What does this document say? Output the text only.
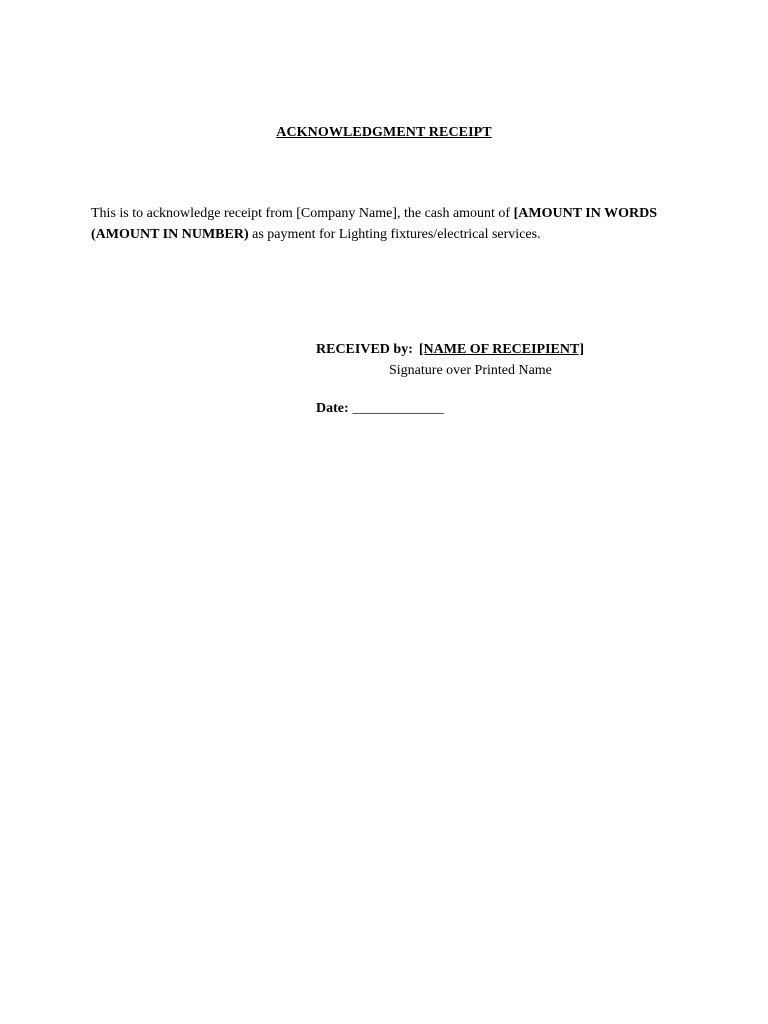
ACKNOWLEDGMENT RECEIPT
This is to acknowledge receipt from [Company Name], the cash amount of [AMOUNT IN WORDS (AMOUNT IN NUMBER) as payment for Lighting fixtures/electrical services.
RECEIVED by: [NAME OF RECEIPIENT]
Signature over Printed Name
Date: _____________
